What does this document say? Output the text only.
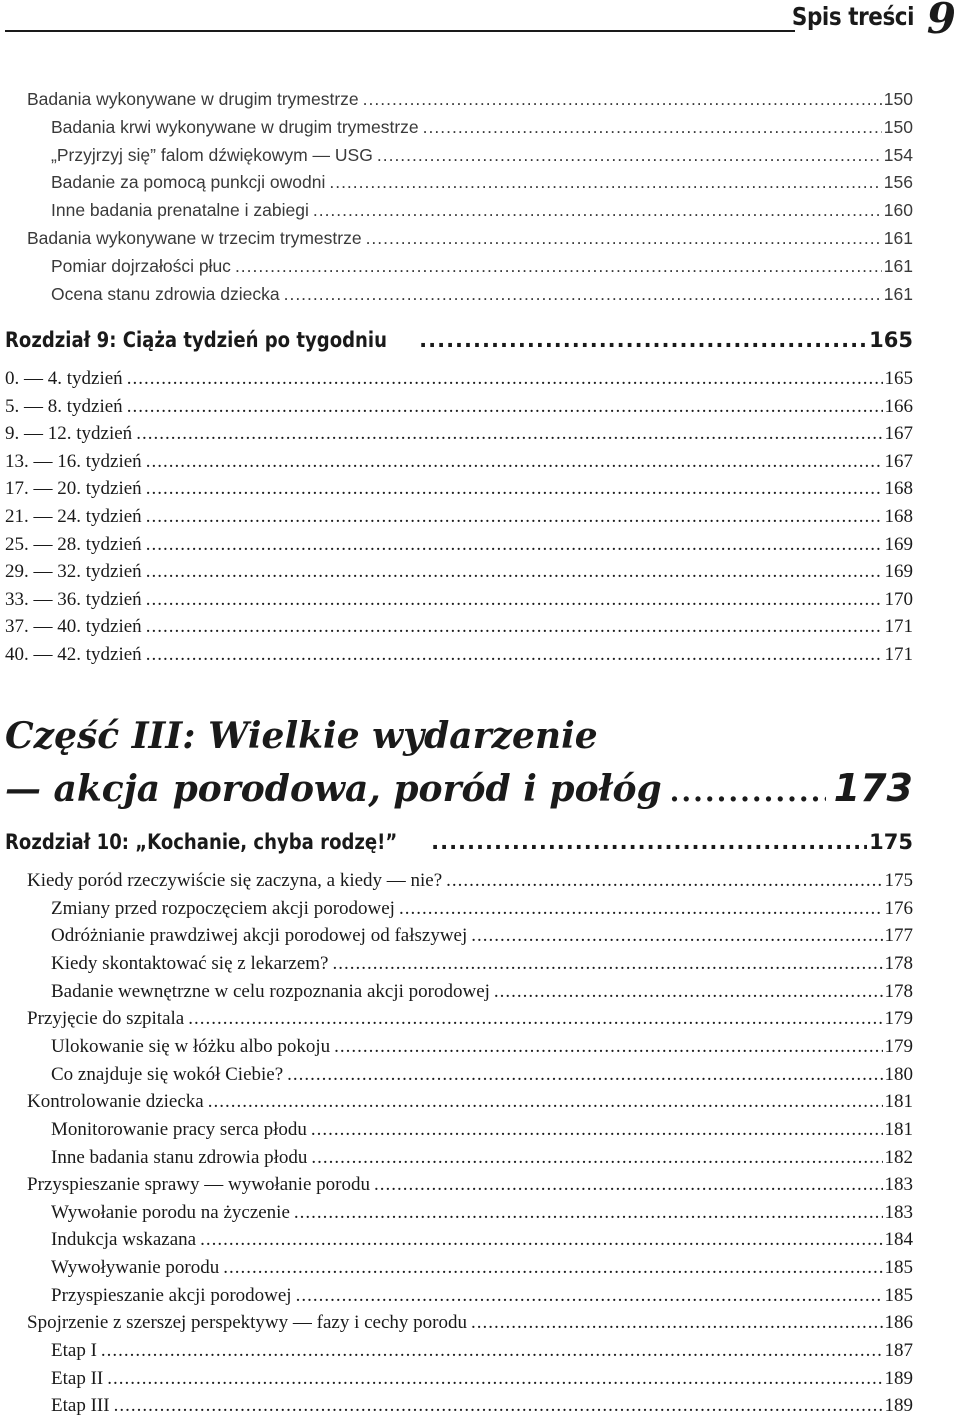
Spis treści 9
Badania wykonywane w drugim trymestrze .....	150
Badania krwi wykonywane w drugim trymestrze .....	150
„Przyjrzyj się” falom dźwiękowym — USG .....	154
Badanie za pomocą punkcji owodni .....	156
Inne badania prenatalne i zabiegi .....	160
Badania wykonywane w trzecim trymestrze .....	161
Pomiar dojrzałości płuc .....	161
Ocena stanu zdrowia dziecka .....	161
Rozdział 9: Ciąża tydzień po tygodniu .....	165
0. — 4. tydzień .....	165
5. — 8. tydzień .....	166
9. — 12. tydzień .....	167
13. — 16. tydzień .....	167
17. — 20. tydzień .....	168
21. — 24. tydzień .....	168
25. — 28. tydzień .....	169
29. — 32. tydzień .....	169
33. — 36. tydzień .....	170
37. — 40. tydzień .....	171
40. — 42. tydzień .....	171
Część III: Wielkie wydarzenie
— akcja porodowa, poród i połóg .....	173
Rozdział 10: „Kochanie, chyba rodzę!” .....	175
Kiedy poród rzeczywiście się zaczyna, a kiedy — nie? .....	175
Zmiany przed rozpoczęciem akcji porodowej .....	176
Odróżnianie prawdziwej akcji porodowej od fałszywej .....	177
Kiedy skontaktować się z lekarzem? .....	178
Badanie wewnętrzne w celu rozpoznania akcji porodowej .....	178
Przyjęcie do szpitala .....	179
Ulokowanie się w łóżku albo pokoju .....	179
Co znajduje się wokół Ciebie? .....	180
Kontrolowanie dziecka .....	181
Monitorowanie pracy serca płodu .....	181
Inne badania stanu zdrowia płodu .....	182
Przyspieszanie sprawy — wywołanie porodu .....	183
Wywołanie porodu na życzenie .....	183
Indukcja wskazana .....	184
Wywoływanie porodu .....	185
Przyspieszanie akcji porodowej .....	185
Spojrzenie z szerszej perspektywy — fazy i cechy porodu .....	186
Etap I .....	187
Etap II .....	189
Etap III .....	189
